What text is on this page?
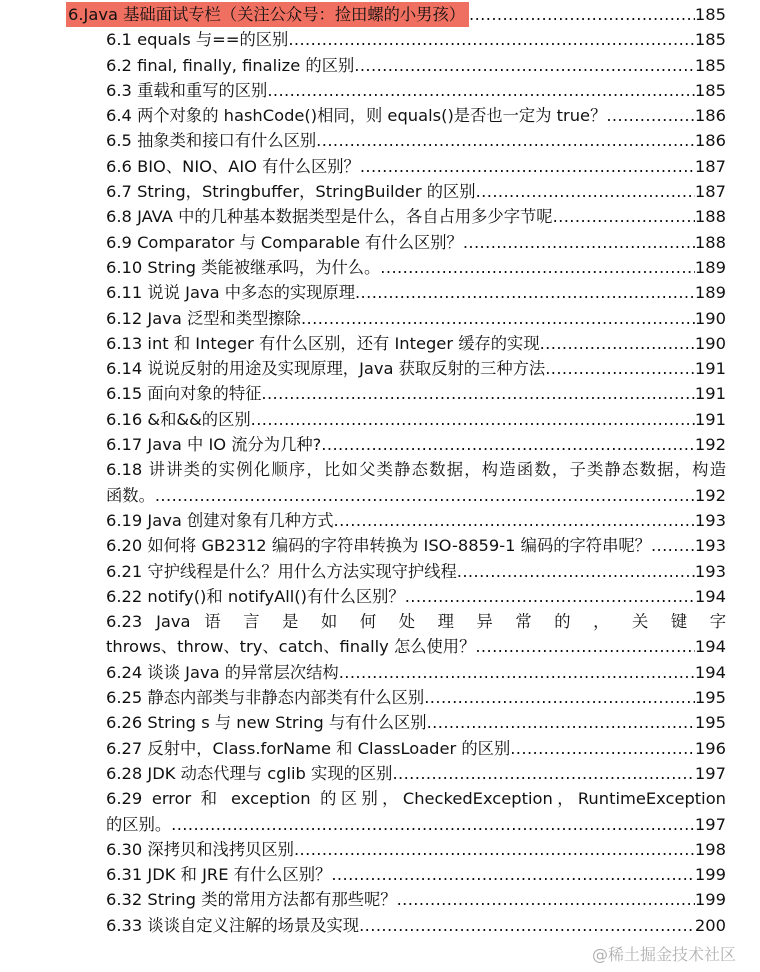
6.Java 基础面试专栏（关注公众号：捡田螺的小男孩） .....	185
6.1 equals 与==的区别 .....	185
6.2 final, finally, finalize 的区别 .....	185
6.3 重载和重写的区别 .....	185
6.4 两个对象的 hashCode()相同，则 equals()是否也一定为 true？ .....	186
6.5 抽象类和接口有什么区别 .....	186
6.6 BIO、NIO、AIO 有什么区别？ .....	187
6.7 String，Stringbuffer，StringBuilder 的区别 .....	187
6.8 JAVA 中的几种基本数据类型是什么，各自占用多少字节呢 .....	188
6.9 Comparator 与 Comparable 有什么区别？ .....	188
6.10 String 类能被继承吗，为什么。 .....	189
6.11 说说 Java 中多态的实现原理 .....	189
6.12 Java 泛型和类型擦除 .....	190
6.13 int 和 Integer 有什么区别，还有 Integer 缓存的实现 .....	190
6.14 说说反射的用途及实现原理，Java 获取反射的三种方法 .....	191
6.15 面向对象的特征 .....	191
6.16 &和&&的区别 .....	191
6.17 Java 中 IO 流分为几种? .....	192
6.18 讲讲类的实例化顺序，比如父类静态数据，构造函数，子类静态数据，构造
函数。 .....	192
6.19 Java 创建对象有几种方式 .....	193
6.20 如何将 GB2312 编码的字符串转换为 ISO-8859-1 编码的字符串呢？ .....	193
6.21 守护线程是什么？用什么方法实现守护线程 .....	193
6.22 notify()和 notifyAll()有什么区别？ .....	194
6.23 Java 语 言 是 如 何 处 理 异 常 的 ， 关 键 字
throws、throw、try、catch、finally 怎么使用？ .....	194
6.24 谈谈 Java 的异常层次结构 .....	194
6.25 静态内部类与非静态内部类有什么区别 .....	195
6.26 String s 与 new String 与有什么区别 .....	195
6.27 反射中，Class.forName 和 ClassLoader 的区别 .....	196
6.28 JDK 动态代理与 cglib 实现的区别 .....	197
6.29 error 和 exception 的区别，CheckedException，RuntimeException
的区别。 .....	197
6.30 深拷贝和浅拷贝区别 .....	198
6.31 JDK 和 JRE 有什么区别？ .....	199
6.32 String 类的常用方法都有那些呢？ .....	199
6.33 谈谈自定义注解的场景及实现 .....	200
@稀土掘金技术社区
